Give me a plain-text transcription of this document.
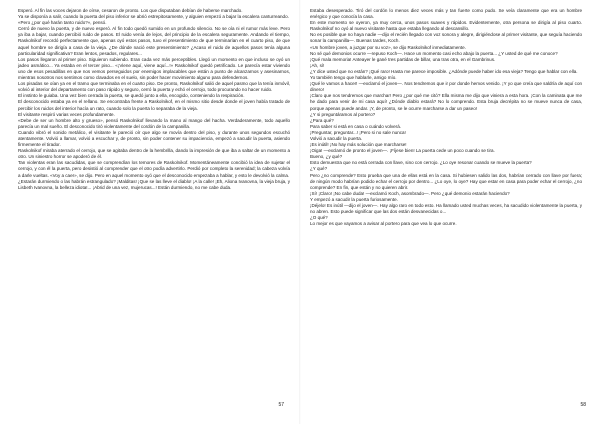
Esperó. Al fin las voces dejaron de oírse, cesaron de pronto. Los que disputaban debían de haberse marchado.

Ya se disponía a salir, cuando la puerta del piso inferior se abrió estrepitosamente, y alguien empezó a bajar la escalera canturreando.

«Pero ¿por qué harán tanto ruido?», pensó.

Cerró de nuevo la puerta, y de nuevo esperó. Al fin todo quedó sumido en un profundo silencio. No se oía ni el rumor más leve. Pero ya iba a bajar, cuando percibió ruido de pasos. El ruido venía de lejos, del principio de la escalera seguramente. Andando el tiempo, Raskolnikof recordó perfectamente que, apenas oyó estos pasos, tuvo el presentimiento de que terminarían en el cuarto piso, de que aquel hombre se dirigía a casa de la vieja. ¿De dónde nació este presentimiento? ¿Acaso el ruido de aquellos pasos tenía alguna particularidad significativa? Eran lentos, pesados, regulares...

Los pasos llegaron al primer piso. Siguieron subiendo. Eran cada vez más perceptibles. Llegó un momento en que incluso se oyó un jadeo asmático... Ya estaba en el tercer piso... «¡Viene aquí, viene aquí...!» Raskolnikof quedó petrificado. Le parecía estar viviendo uno de esos pesadillas en que nos vemos perseguidos por enemigos implacables que están a punto de alcanzarnos y asesinarnos, mientras nosotros nos sentimos como clavados en el suelo, sin poder hacer movimiento alguno para defendernos.

Los pisadas se oían ya en el tramo que terminaba en el cuarto piso. De pronto, Raskolnikof salió de aquel pasmo que la tenía inmóvil, volvió al interior del departamento con paso rápido y seguro, cerró la puerta y echó el cerrojo, todo procurando no hacer ruido.

El instinto le guiaba. Una vez bien cerrada la puerta, se quedó junto a ella, encogido, conteniendo la respiración.

El desconocido estaba ya en el rellano. Se encontraba frente a Raskolnikof, en el mismo sitio desde donde el joven había tratado de percibir los ruidos del interior hacía un rato, cuando solo la puerta lo separaba de la vieja.

El visitante respiró varias veces profundamente.

«Debe de ser un hombre alto y grueso», pensó Raskolnikof llevando la mano al mango del hacha. Verdaderamente, todo aquello parecía un mal sueño. El desconocido tiró violentamente del cordón de la campanilla.

Cuando vibró el sonido metálico, el visitante le pareció oír que algo se movía dentro del piso, y durante unos segundos escuchó atentamente. Volvió a llamar, volvió a escuchar y, de pronto, sin poder contener su impaciencia, empezó a sacudir la puerta, asiendo firmemente el tirador.

Raskolnikof miraba aterrado el cerrojo, que se agitaba dentro de la hembrilla, dando la impresión de que iba a saltar de un momento a otro. Un siniestro horror se apoderó de él.

Tan violentas eran las sacudidas, que se comprendían los temores de Raskolnikof. Momentáneamente concibió la idea de sujetar el cerrojo, y con él la puerta, pero desistió al comprender que el otro podía advertirlo. Perdió por completo la serenidad; la cabeza volvía a darle vueltas. «Voy a caer», se dijo. Pero en aquel momento oyó que el desconocido empezaba a hablar, y esto le devolvió la calma.

¿Estarán durmiendo o las habrán estrangulado? ¡Malditas! ¡Que se las lleve el diablo! ¡A la calle! ¡Eh, Aliona Ivanovna, la vieja bruja, y Lisbeth Ivanovna, la belleza idiota!... ¡Abrid de una vez, mujerucas...! Están durmiendo, no me cabe duda.

57

Estaba desesperado. Tiró del cordón lo menos diez veces más y tan fuerte como pudo. Se veía claramente que era un hombre enérgico y que conocía la casa.

En este momento se oyeron, ya muy cerca, unos pasos suaves y rápidos. Evidentemente, otra persona se dirigía al piso cuarto. Raskolnikof no oyó al nuevo visitante hasta que estaba llegando al descansillo.

No es posible que no haya nadie —dijo el recién llegado con voz sonora y alegre, dirigiéndose al primer visitante, que seguía haciendo sonar la campanilla—. Buenas tardes, Koch.

«Un hombre joven, a juzgar por su voz», se dijo Raskolnikof inmediatamente.

No sé qué demonios ocurre —repuso Koch—. Hace un momento casi echo abajo la puerta... ¿Y usted de qué me conoce?

¡Qué mala memoria! Anteayer le gané tres partidas de billar, una tras otra, en el Gambrinus.

¡Ah, sí!

¿Y dice usted que no están? ¡Qué raro! Hasta me parece imposible. ¿Adónde puede haber ido esa vieja? Tengo que hablar con ella.

Yo también tengo que hablarle, amigo mío.

¡Qué le vamos a hacer! —exclamó el joven—. Nos tendremos que ir por donde hemos venido. ¡Y yo que creía que saldría de aquí con dinero!

¡Claro que nos tendremos que marchar! Pero ¿por qué me citó? Ella misma me dijo que viniera a esta hora. ¡Con la caminata que me he dado para venir de mi casa aquí! ¿Dónde diablo estará? No lo comprendo. Esta bruja decrépita no se mueve nunca de casa, porque apenas puede andar. ¡Y, de pronto, se le ocurre marcharse a dar un paseo!

¿Y si preguntáramos al portero?

¿Para qué?

Para saber si está en casa o cuándo volverá.

¡Preguntar, preguntar...! ¡Pero si no sale nunca!

Volvió a sacudir la puerta.

¡Es inútil! ¡No hay más solución que marcharse!

¡Oiga! —exclamó de pronto el joven—. ¡Fíjese bien! La puerta cede un poco cuando se tira.

Bueno, ¿y qué?

Esto demuestra que no está cerrada con llave, sino con cerrojo. ¿Lo oye resonar cuando se mueve la puerta?

¿Y qué?

Pero ¿no comprende? Esto prueba que una de ellas está en la casa. Si hubiesen salido las dos, habrían cerrado con llave por fuera; de ningún modo habrían podido echar el cerrojo por dentro... ¿Lo oye, lo oye? Hay que estar en casa para poder echar el cerrojo, ¿no comprende? En fin, que están y no quieren abrir.

¡Sí! ¡Claro! ¡No cabe duda! —exclamó Koch, asombrado—. Pero ¿qué demonio estarán haciendo?

Y empezó a sacudir la puerta furiosamente.

¡Déjelo! Es inútil —dijo el joven—. Hay algo raro en todo esto. Ha llamado usted muchas veces, ha sacudido violentamente la puerta, y no abren. Esto puede significar que las dos están desvanecidas o...

¿O qué?

Lo mejor es que vayamos a avisar al portero para que vea lo que ocurre.

58
